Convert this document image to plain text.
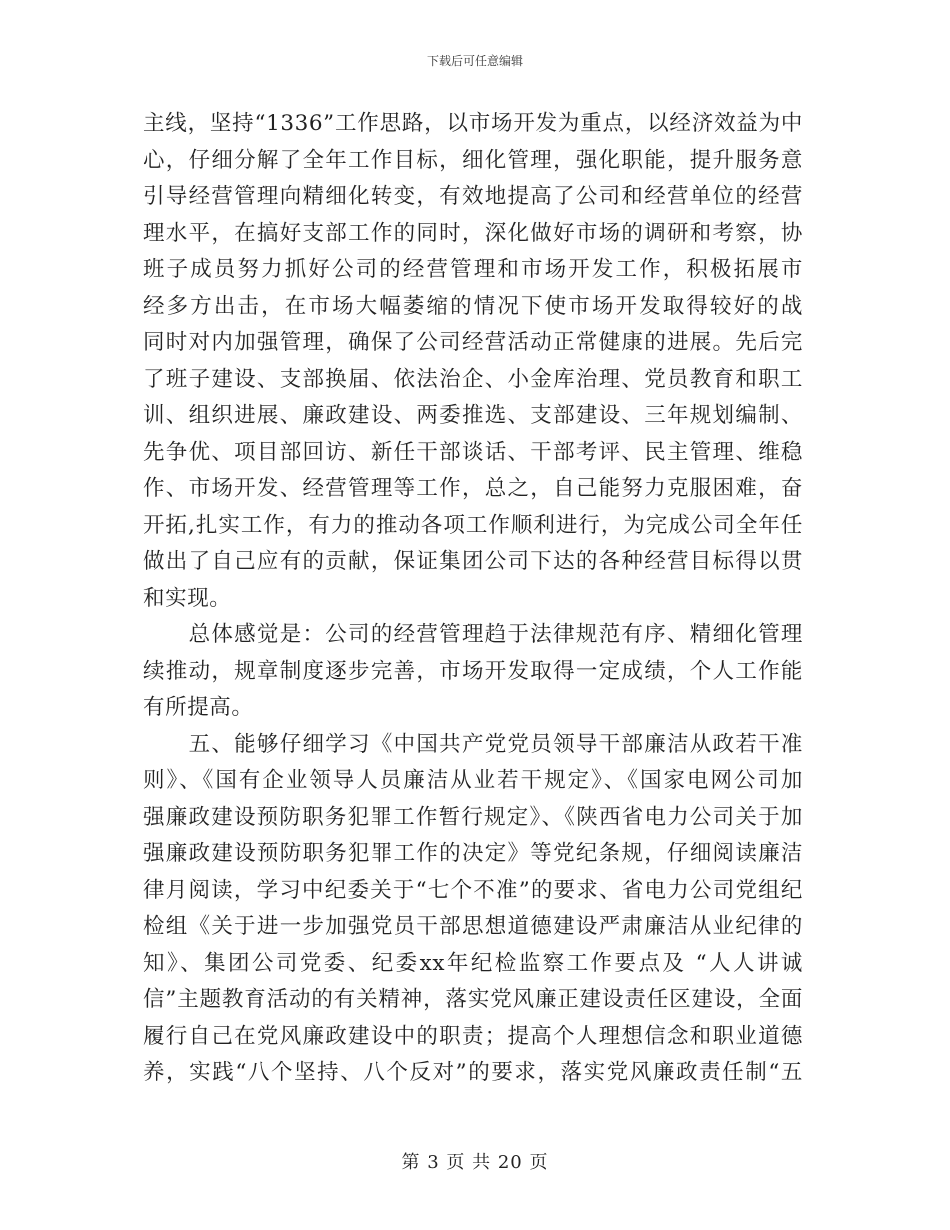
下载后可任意编辑
主线，坚持“1336”工作思路，以市场开发为重点，以经济效益为中
心，仔细分解了全年工作目标，细化管理，强化职能，提升服务意
引导经营管理向精细化转变，有效地提高了公司和经营单位的经营
理水平，在搞好支部工作的同时，深化做好市场的调研和考察，协
班子成员努力抓好公司的经营管理和市场开发工作，积极拓展市
经多方出击，在市场大幅萎缩的情况下使市场开发取得较好的战
同时对内加强管理，确保了公司经营活动正常健康的进展。先后完
了班子建设、支部换届、依法治企、小金库治理、党员教育和职工
训、组织进展、廉政建设、两委推选、支部建设、三年规划编制、
先争优、项目部回访、新任干部谈话、干部考评、民主管理、维稳
作、市场开发、经营管理等工作，总之，自己能努力克服困难，奋
开拓,扎实工作，有力的推动各项工作顺利进行，为完成公司全年任
做出了自己应有的贡献，保证集团公司下达的各种经营目标得以贯
和实现。
　　总体感觉是：公司的经营管理趋于法律规范有序、精细化管理
续推动，规章制度逐步完善，市场开发取得一定成绩，个人工作能
有所提高。
　　五、能够仔细学习《中国共产党党员领导干部廉洁从政若干准
则》、《国有企业领导人员廉洁从业若干规定》、《国家电网公司加
强廉政建设预防职务犯罪工作暂行规定》、《陕西省电力公司关于加
强廉政建设预防职务犯罪工作的决定》等党纪条规，仔细阅读廉洁
律月阅读，学习中纪委关于“七个不准”的要求、省电力公司党组纪
检组《关于进一步加强党员干部思想道德建设严肃廉洁从业纪律的
知》、集团公司党委、纪委xx年纪检监察工作要点及 “人人讲诚
信”主题教育活动的有关精神，落实党风廉正建设责任区建设，全面
履行自己在党风廉政建设中的职责；提高个人理想信念和职业道德
养，实践“八个坚持、八个反对”的要求，落实党风廉政责任制“五
第 3 页 共 20 页
